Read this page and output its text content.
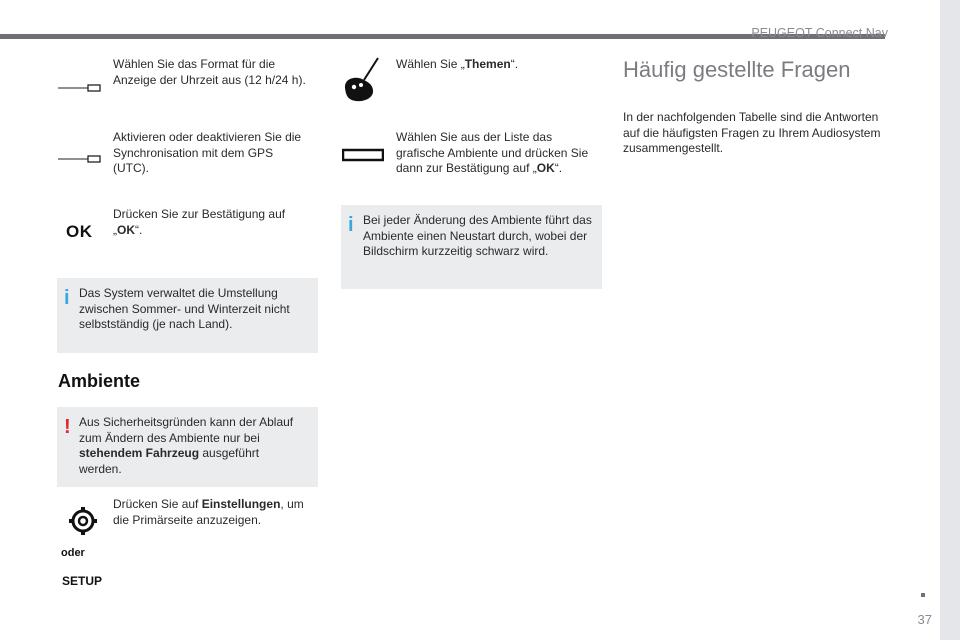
PEUGEOT Connect Nav
37
Wählen Sie das Format für die Anzeige der Uhrzeit aus (12 h/24 h).
Aktivieren oder deaktivieren Sie die Synchronisation mit dem GPS (UTC).
OK
Drücken Sie zur Bestätigung auf „OK“.
i Das System verwaltet die Umstellung zwischen Sommer- und Winterzeit nicht selbstständig (je nach Land).
Ambiente
! Aus Sicherheitsgründen kann der Ablauf zum Ändern des Ambiente nur bei stehendem Fahrzeug ausgeführt werden.
oder
SETUP
Drücken Sie auf Einstellungen, um die Primärseite anzuzeigen.
Wählen Sie „Themen“.
Wählen Sie aus der Liste das grafische Ambiente und drücken Sie dann zur Bestätigung auf „OK“.
i Bei jeder Änderung des Ambiente führt das Ambiente einen Neustart durch, wobei der Bildschirm kurzzeitig schwarz wird.
Häufig gestellte Fragen
In der nachfolgenden Tabelle sind die Antworten auf die häufigsten Fragen zu Ihrem Audiosystem zusammengestellt.
